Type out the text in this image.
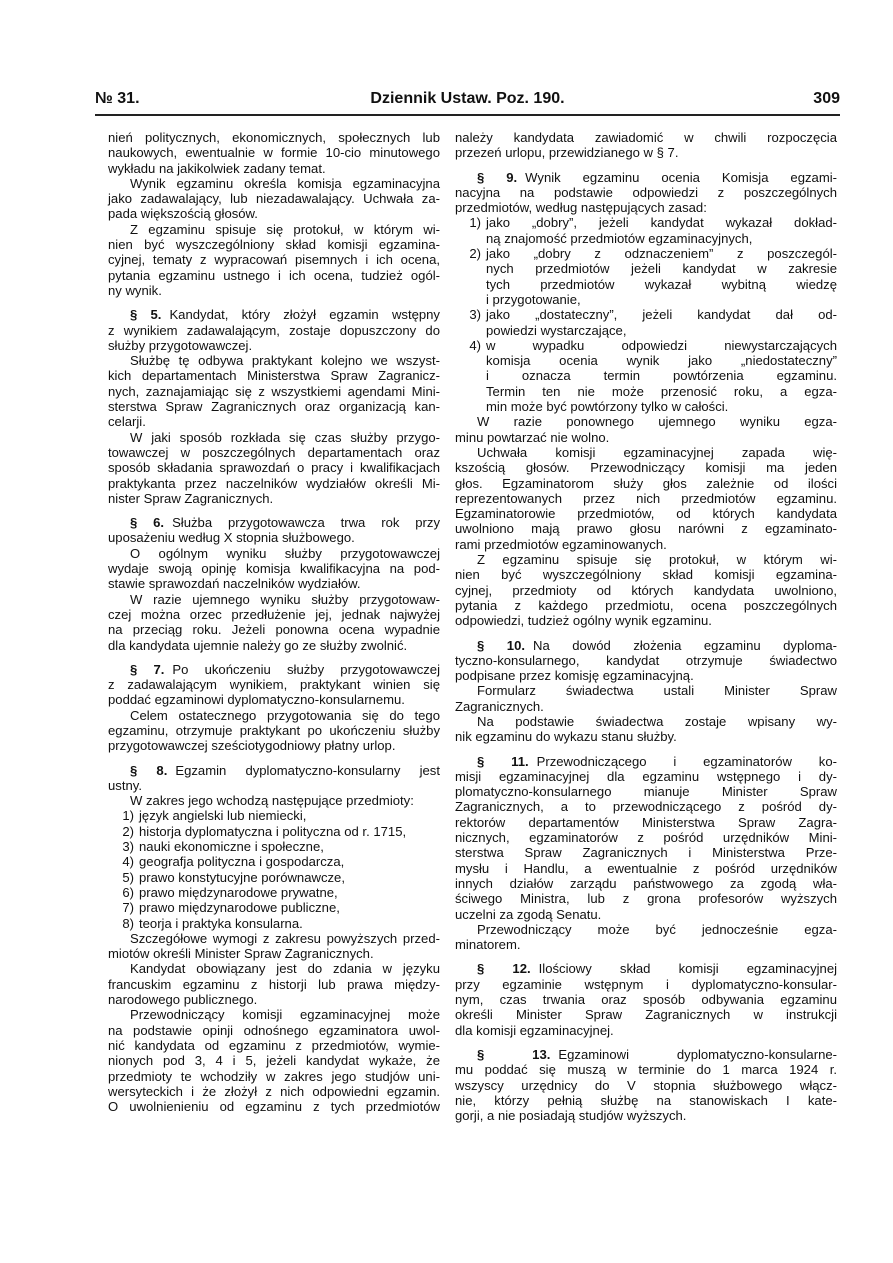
№ 31.	Dziennik Ustaw. Poz. 190.	309
nień politycznych, ekonomicznych, społecznych lub
naukowych, ewentualnie w formie 10-cio minutowego
wykładu na jakikolwiek zadany temat.
Wynik egzaminu określa komisja egzaminacyjna
jako zadawalający, lub niezadawalający. Uchwała za-
pada większością głosów.
Z egzaminu spisuje się protokuł, w którym wi-
nien być wyszczególniony skład komisji egzamina-
cyjnej, tematy z wypracowań pisemnych i ich ocena,
pytania egzaminu ustnego i ich ocena, tudzież ogól-
ny wynik.
§ 5. Kandydat, który złożył egzamin wstępny
z wynikiem zadawalającym, zostaje dopuszczony do
służby przygotowawczej.
Służbę tę odbywa praktykant kolejno we wszyst-
kich departamentach Ministerstwa Spraw Zagranicz-
nych, zaznajamiając się z wszystkiemi agendami Mini-
sterstwa Spraw Zagranicznych oraz organizacją kan-
celarji.
W jaki sposób rozkłada się czas służby przygo-
towawczej w poszczególnych departamentach oraz
sposób składania sprawozdań o pracy i kwalifikacjach
praktykanta przez naczelników wydziałów określi Mi-
nister Spraw Zagranicznych.
§ 6. Służba przygotowawcza trwa rok przy
uposażeniu według X stopnia służbowego.
O ogólnym wyniku służby przygotowawczej
wydaje swoją opinję komisja kwalifikacyjna na pod-
stawie sprawozdań naczelników wydziałów.
W razie ujemnego wyniku służby przygotowaw-
czej można orzec przedłużenie jej, jednak najwyżej
na przeciąg roku. Jeżeli ponowna ocena wypadnie
dla kandydata ujemnie należy go ze służby zwolnić.
§ 7. Po ukończeniu służby przygotowawczej
z zadawalającym wynikiem, praktykant winien się
poddać egzaminowi dyplomatyczno-konsularnemu.
Celem ostatecznego przygotowania się do tego
egzaminu, otrzymuje praktykant po ukończeniu służby
przygotowawczej sześciotygodniowy płatny urlop.
§ 8. Egzamin dyplomatyczno-konsularny jest
ustny.
W zakres jego wchodzą następujące przedmioty:
1) język angielski lub niemiecki,
2) historja dyplomatyczna i polityczna od r. 1715,
3) nauki ekonomiczne i społeczne,
4) geografja polityczna i gospodarcza,
5) prawo konstytucyjne porównawcze,
6) prawo międzynarodowe prywatne,
7) prawo międzynarodowe publiczne,
8) teorja i praktyka konsularna.
Szczegółowe wymogi z zakresu powyższych przed-
miotów określi Minister Spraw Zagranicznych.
Kandydat obowiązany jest do zdania w języku
francuskim egzaminu z historji lub prawa między-
narodowego publicznego.
Przewodniczący komisji egzaminacyjnej może
na podstawie opinji odnośnego egzaminatora uwol-
nić kandydata od egzaminu z przedmiotów, wymie-
nionych pod 3, 4 i 5, jeżeli kandydat wykaże, że
przedmioty te wchodziły w zakres jego studjów uni-
wersyteckich i że złożył z nich odpowiedni egzamin.
O uwolnienieniu od egzaminu z tych przedmiotów
należy kandydata zawiadomić w chwili rozpoczęcia
przezeń urlopu, przewidzianego w § 7.
§ 9. Wynik egzaminu ocenia Komisja egzami-
nacyjna na podstawie odpowiedzi z poszczególnych
przedmiotów, według następujących zasad:
1) jako „dobry”, jeżeli kandydat wykazał dokład-
ną znajomość przedmiotów egzaminacyjnych,
2) jako „dobry z odznaczeniem” z poszczegól-
nych przedmiotów jeżeli kandydat w zakresie
tych przedmiotów wykazał wybitną wiedzę
i przygotowanie,
3) jako „dostateczny”, jeżeli kandydat dał od-
powiedzi wystarczające,
4) w wypadku odpowiedzi niewystarczających
komisja ocenia wynik jako „niedostateczny”
i oznacza termin powtórzenia egzaminu.
Termin ten nie może przenosić roku, a egza-
min może być powtórzony tylko w całości.
W razie ponownego ujemnego wyniku egza-
minu powtarzać nie wolno.
Uchwała komisji egzaminacyjnej zapada wię-
kszością głosów. Przewodniczący komisji ma jeden
głos. Egzaminatorom służy głos zależnie od ilości
reprezentowanych przez nich przedmiotów egzaminu.
Egzaminatorowie przedmiotów, od których kandydata
uwolniono mają prawo głosu narówni z egzaminato-
rami przedmiotów egzaminowanych.
Z egzaminu spisuje się protokuł, w którym wi-
nien być wyszczególniony skład komisji egzamina-
cyjnej, przedmioty od których kandydata uwolniono,
pytania z każdego przedmiotu, ocena poszczególnych
odpowiedzi, tudzież ogólny wynik egzaminu.
§ 10. Na dowód złożenia egzaminu dyploma-
tyczno-konsularnego, kandydat otrzymuje świadectwo
podpisane przez komisję egzaminacyjną.
Formularz świadectwa ustali Minister Spraw
Zagranicznych.
Na podstawie świadectwa zostaje wpisany wy-
nik egzaminu do wykazu stanu służby.
§ 11. Przewodniczącego i egzaminatorów ko-
misji egzaminacyjnej dla egzaminu wstępnego i dy-
plomatyczno-konsularnego mianuje Minister Spraw
Zagranicznych, a to przewodniczącego z pośród dy-
rektorów departamentów Ministerstwa Spraw Zagra-
nicznych, egzaminatorów z pośród urzędników Mini-
sterstwa Spraw Zagranicznych i Ministerstwa Prze-
mysłu i Handlu, a ewentualnie z pośród urzędników
innych działów zarządu państwowego za zgodą wła-
ściwego Ministra, lub z grona profesorów wyższych
uczelni za zgodą Senatu.
Przewodniczący może być jednocześnie egza-
minatorem.
§ 12. Ilościowy skład komisji egzaminacyjnej
przy egzaminie wstępnym i dyplomatyczno-konsular-
nym, czas trwania oraz sposób odbywania egzaminu
określi Minister Spraw Zagranicznych w instrukcji
dla komisji egzaminacyjnej.
§ 13. Egzaminowi dyplomatyczno-konsularne-
mu poddać się muszą w terminie do 1 marca 1924 r.
wszyscy urzędnicy do V stopnia służbowego włącz-
nie, którzy pełnią służbę na stanowiskach I kate-
gorji, a nie posiadają studjów wyższych.
